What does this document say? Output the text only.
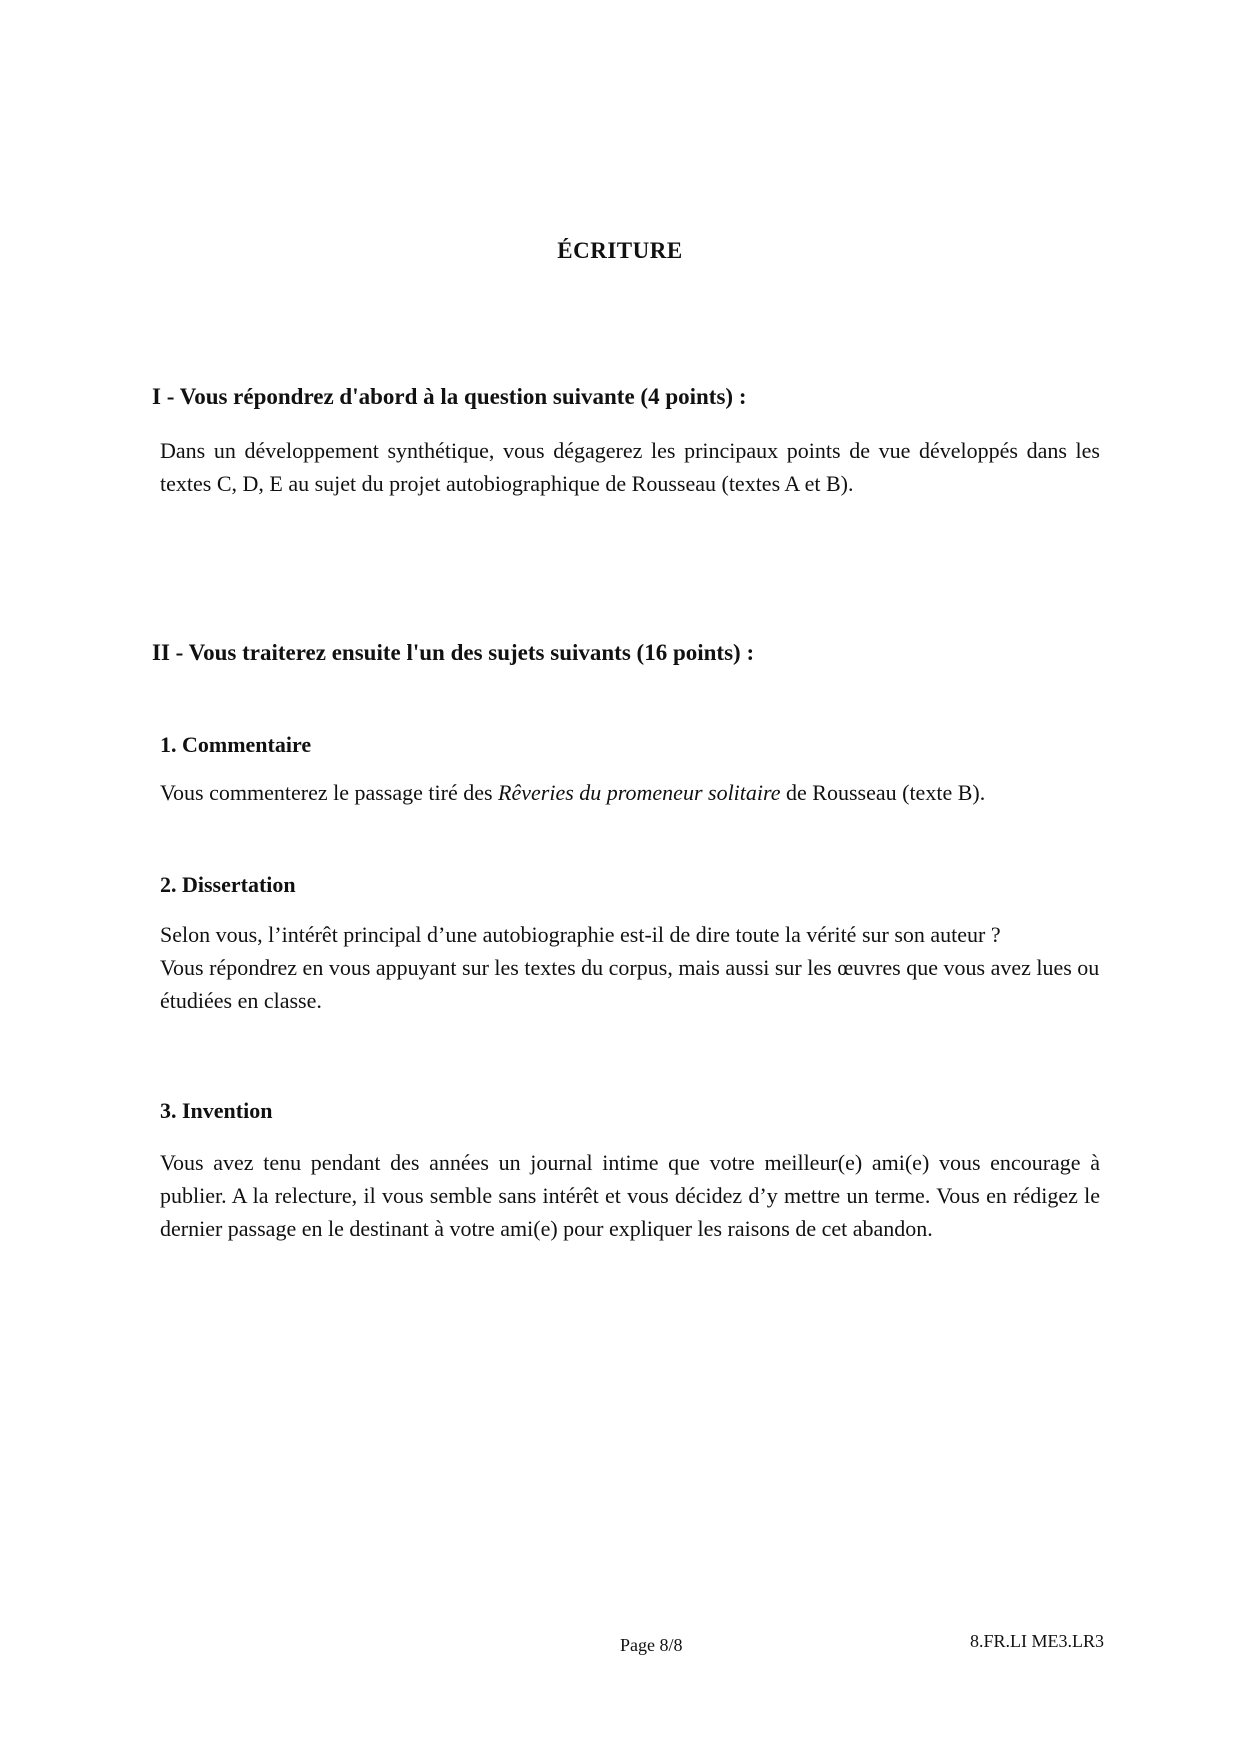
ÉCRITURE
I - Vous répondrez d'abord à la question suivante (4 points) :

Dans un développement synthétique, vous dégagerez les principaux points de vue développés dans les textes C, D, E au sujet du projet autobiographique de Rousseau (textes A et B).

II - Vous traiterez ensuite l'un des sujets suivants (16 points) :
1. Commentaire

Vous commenterez le passage tiré des Rêveries du promeneur solitaire de Rousseau (texte B).

2. Dissertation

Selon vous, l’intérêt principal d’une autobiographie est-il de dire toute la vérité sur son auteur ?

Vous répondrez en vous appuyant sur les textes du corpus, mais aussi sur les œuvres que vous avez lues ou étudiées en classe.

3. Invention

Vous avez tenu pendant des années un journal intime que votre meilleur(e) ami(e) vous encourage à publier. A la relecture, il vous semble sans intérêt et vous décidez d’y mettre un terme. Vous en rédigez le dernier passage en le destinant à votre ami(e) pour expliquer les raisons de cet abandon.

Page 8/8	8.FR.LI ME3.LR3
